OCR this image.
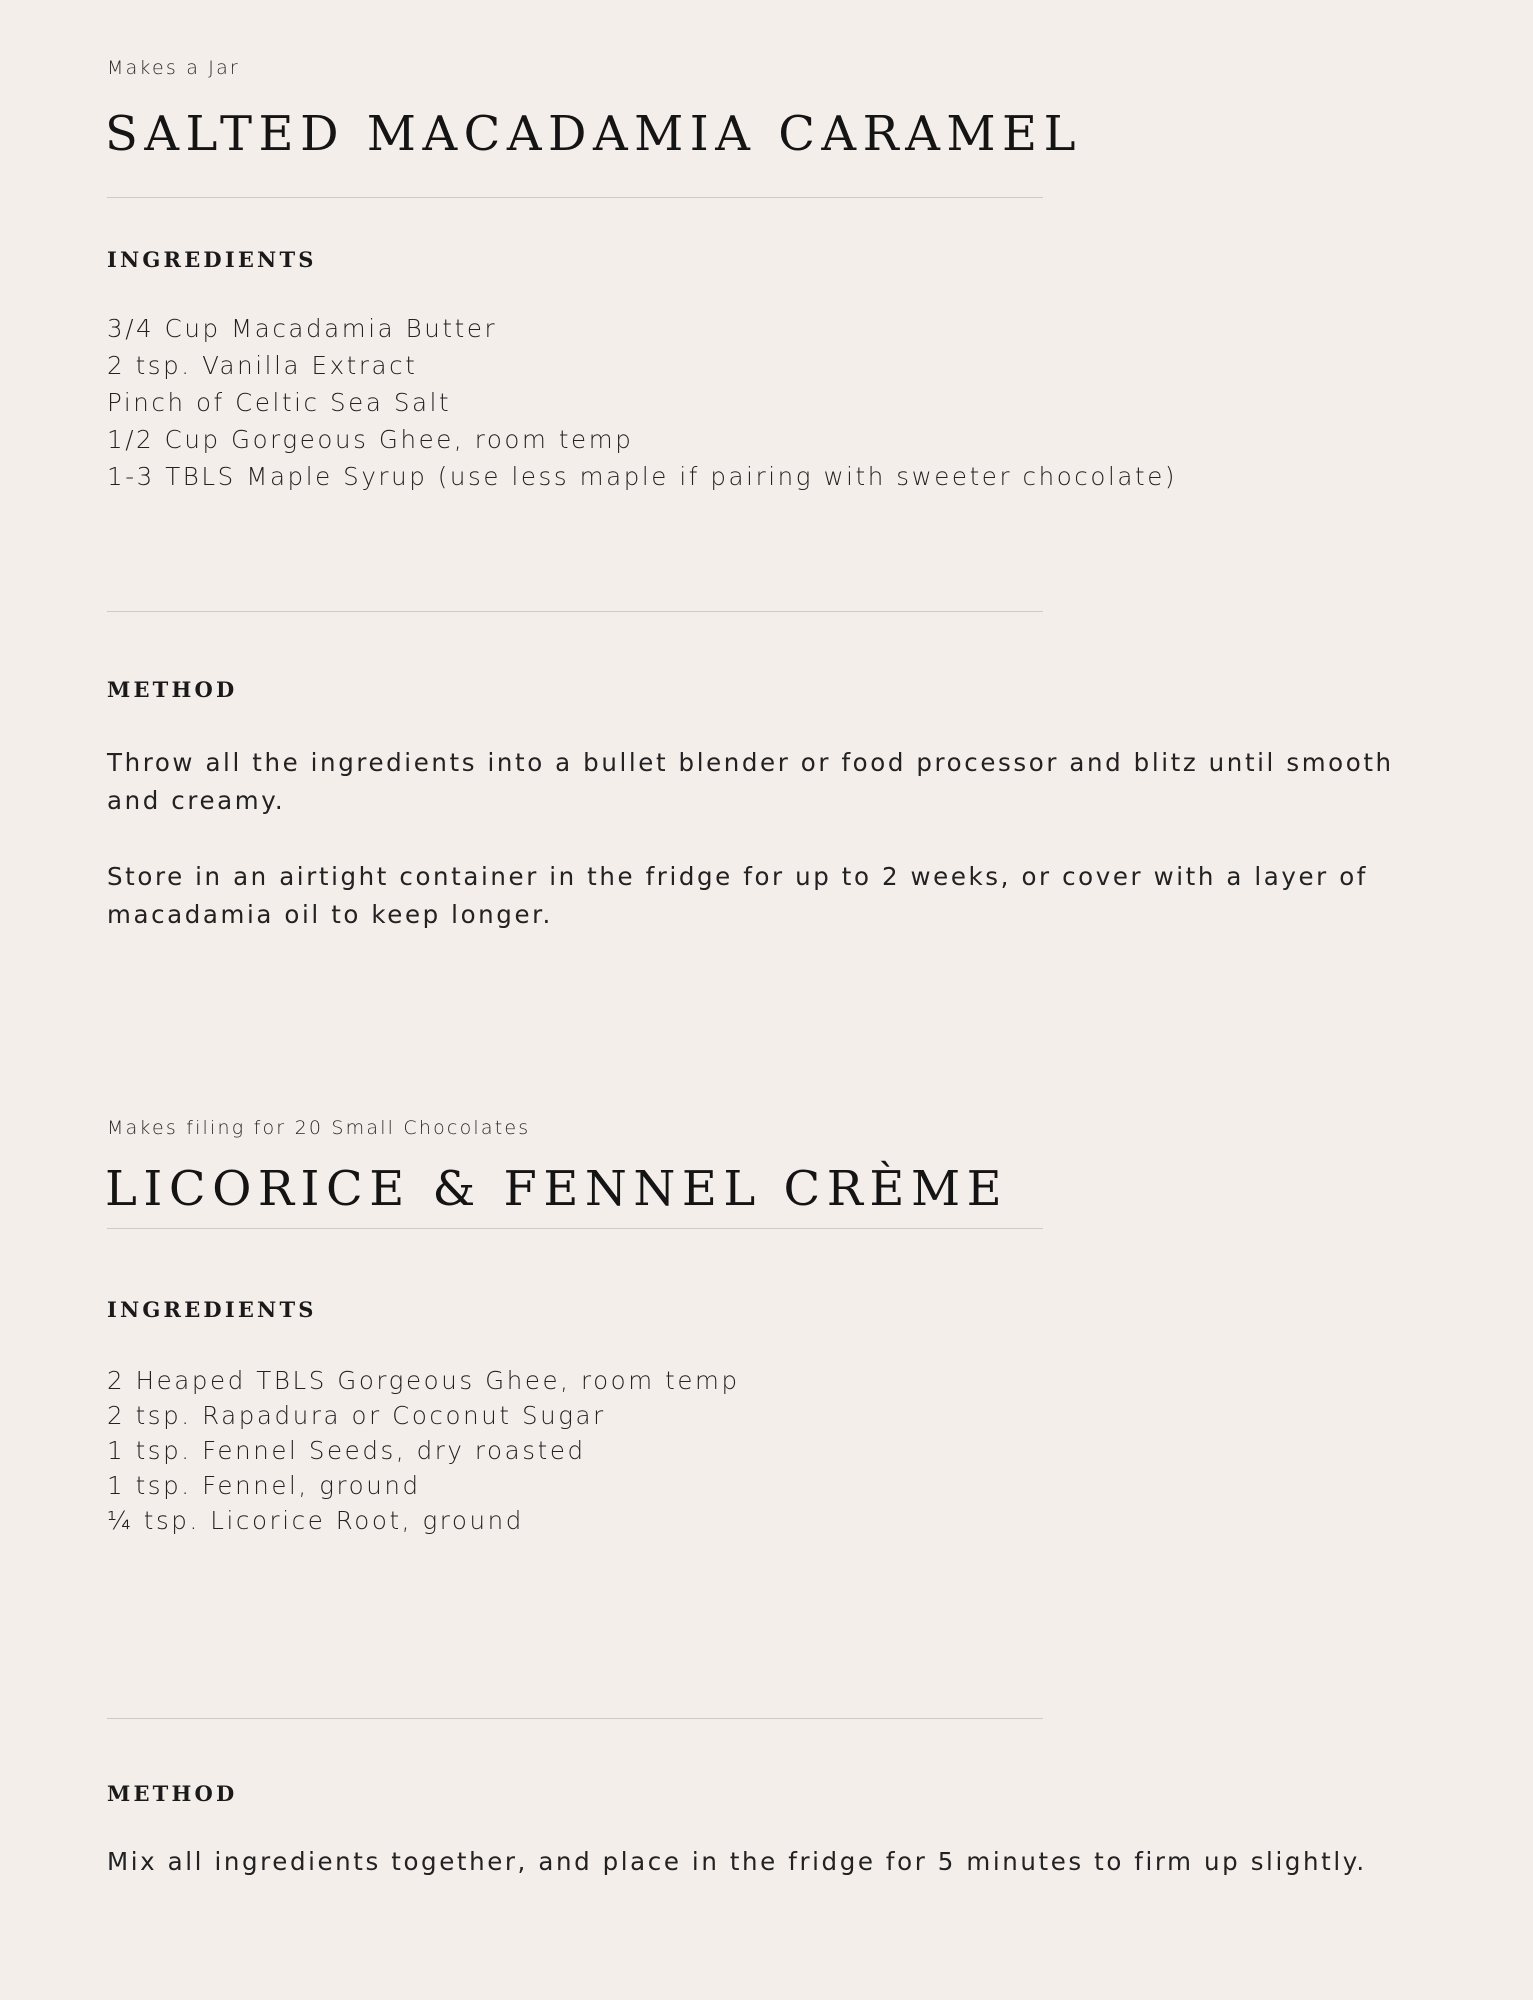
Makes a Jar
SALTED MACADAMIA CARAMEL
INGREDIENTS
3/4 Cup Macadamia Butter
2 tsp. Vanilla Extract
Pinch of Celtic Sea Salt
1/2 Cup Gorgeous Ghee, room temp
1-3 TBLS Maple Syrup (use less maple if pairing with sweeter chocolate)
METHOD

Throw all the ingredients into a bullet blender or food processor and blitz until smooth and creamy.

Store in an airtight container in the fridge for up to 2 weeks, or cover with a layer of macadamia oil to keep longer.

Makes filing for 20 Small Chocolates
LICORICE & FENNEL CRÈME
INGREDIENTS
2 Heaped TBLS Gorgeous Ghee, room temp
2 tsp. Rapadura or Coconut Sugar
1 tsp. Fennel Seeds, dry roasted
1 tsp. Fennel, ground
¼ tsp. Licorice Root, ground
METHOD

Mix all ingredients together, and place in the fridge for 5 minutes to firm up slightly.
